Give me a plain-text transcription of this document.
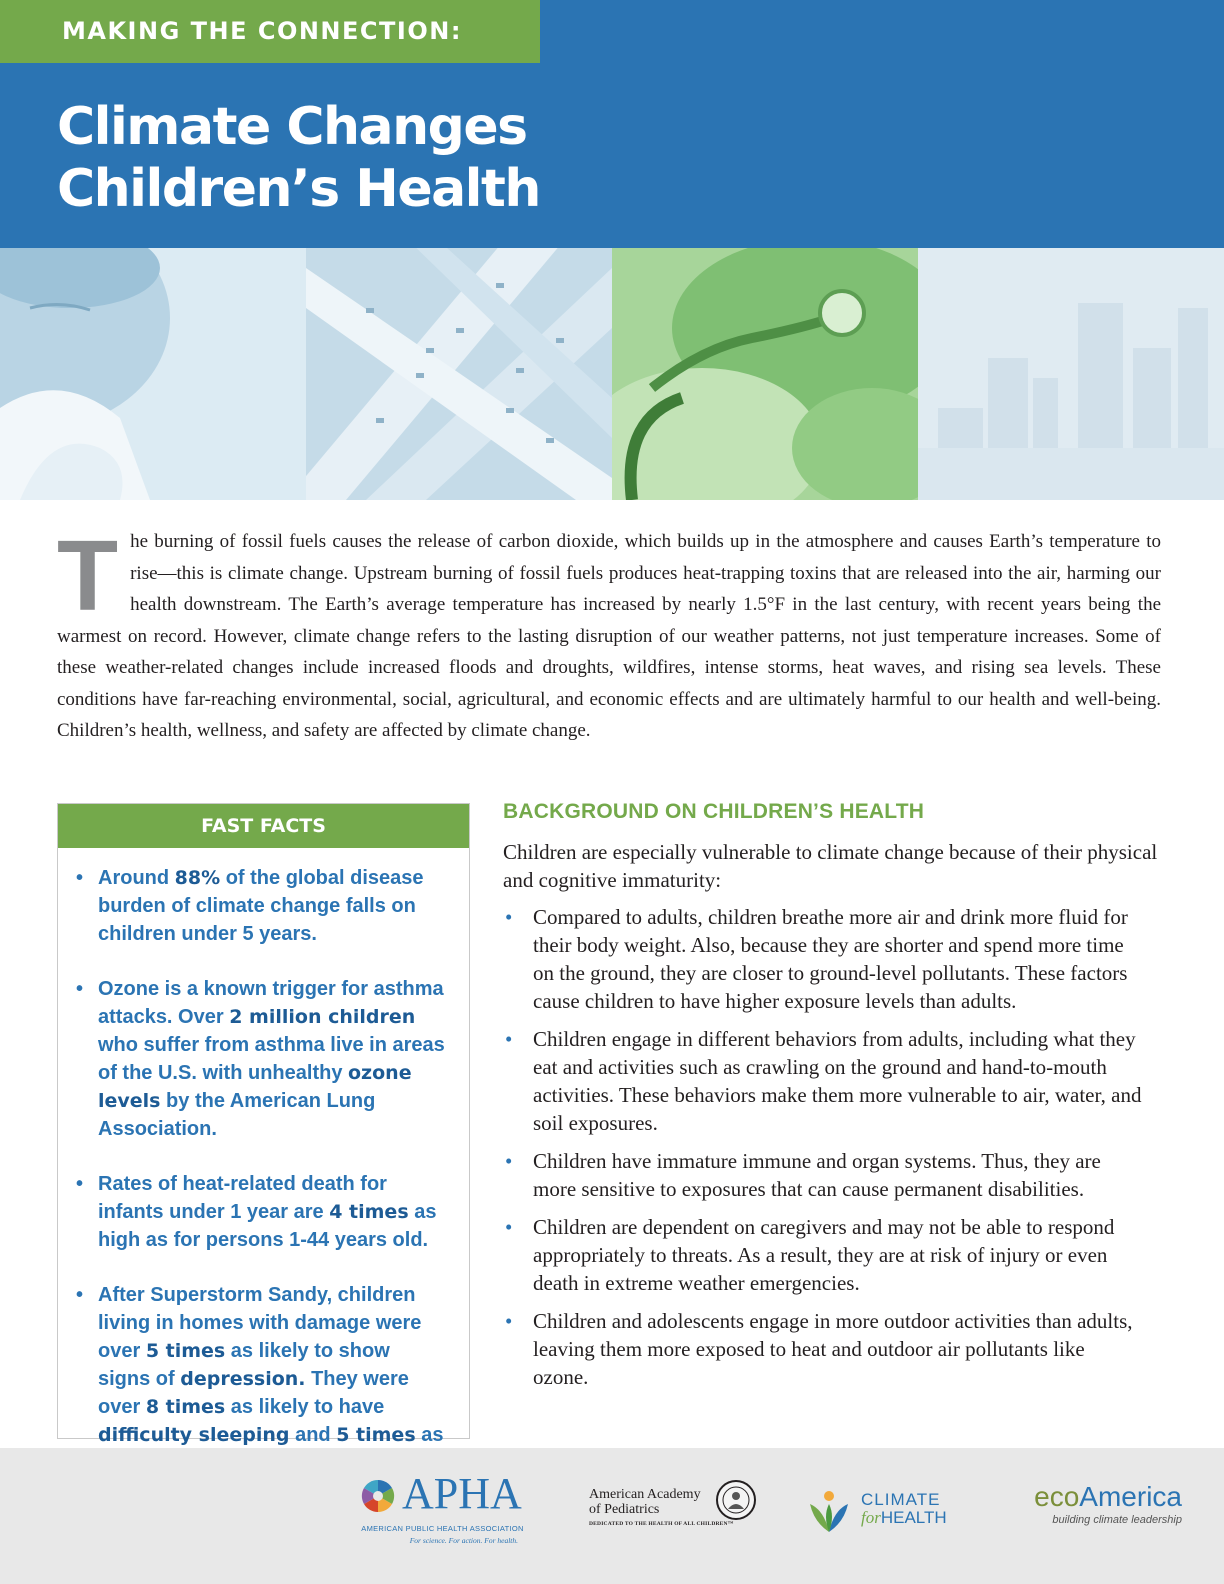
MAKING THE CONNECTION:
Climate Changes
Children’s Health

The burning of fossil fuels causes the release of carbon dioxide, which builds up in the atmosphere and causes Earth’s temperature to rise—this is climate change. Upstream burning of fossil fuels produces heat-trapping toxins that are released into the air, harming our health downstream. The Earth’s average temperature has increased by nearly 1.5°F in the last century, with recent years being the warmest on record. However, climate change refers to the lasting disruption of our weather patterns, not just temperature increases. Some of these weather-related changes include increased floods and droughts, wildfires, intense storms, heat waves, and rising sea levels. These conditions have far-reaching environmental, social, agricultural, and economic effects and are ultimately harmful to our health and well-being. Children’s health, wellness, and safety are affected by climate change.

FAST FACTS
• Around 88% of the global disease burden of climate change falls on children under 5 years.
• Ozone is a known trigger for asthma attacks. Over 2 million children who suffer from asthma live in areas of the U.S. with unhealthy ozone levels by the American Lung Association.
• Rates of heat-related death for infants under 1 year are 4 times as high as for persons 1-44 years old.
• After Superstorm Sandy, children living in homes with damage were over 5 times as likely to show signs of depression. They were over 8 times as likely to have difficulty sleeping and 5 times as
BACKGROUND ON CHILDREN’S HEALTH

Children are especially vulnerable to climate change because of their physical and cognitive immaturity:

• Compared to adults, children breathe more air and drink more fluid for their body weight. Also, because they are shorter and spend more time on the ground, they are closer to ground-level pollutants. These factors cause children to have higher exposure levels than adults.
• Children engage in different behaviors from adults, including what they eat and activities such as crawling on the ground and hand-to-mouth activities. These behaviors make them more vulnerable to air, water, and soil exposures.
• Children have immature immune and organ systems. Thus, they are more sensitive to exposures that can cause permanent disabilities.
• Children are dependent on caregivers and may not be able to respond appropriately to threats. As a result, they are at risk of injury or even death in extreme weather emergencies.
• Children and adolescents engage in more outdoor activities than adults, leaving them more exposed to heat and outdoor air pollutants like ozone.
APHA
AMERICAN PUBLIC HEALTH ASSOCIATION
For science. For action. For health.
American Academy of Pediatrics
DEDICATED TO THE HEALTH OF ALL CHILDREN™
CLIMATE
forHEALTH
ecoAmerica
building climate leadership
